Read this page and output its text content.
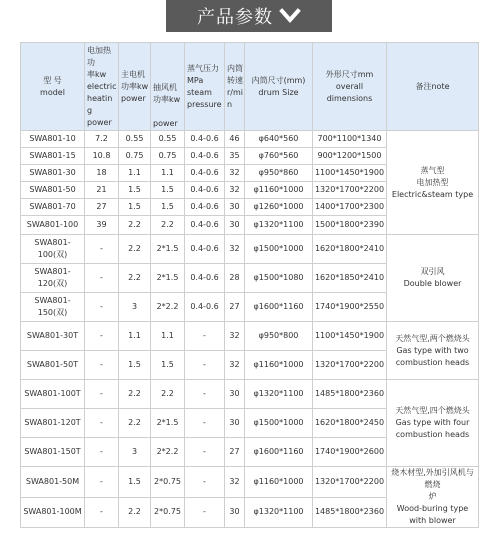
产品参数
型 号
model	电加热功
率kw
electric
heating
power	主电机
功率kw
power	抽风机
功率kw

power	蒸气压力
MPa
steam
pressure	内筒
转速
r/min	内筒尺寸(mm)
drum Size	外形尺寸mm
overall dimensions	备注note
SWA801-10	7.2	0.55	0.55	0.4-0.6	46	φ640*560	700*1100*1340	蒸气型
电加热型
Electric&steam type
SWA801-15	10.8	0.75	0.75	0.4-0.6	35	φ760*560	900*1200*1500	
SWA801-30	18	1.1	1.1	0.4-0.6	32	φ950*860	1100*1450*1900	
SWA801-50	21	1.5	1.5	0.4-0.6	32	φ1160*1000	1320*1700*2200	
SWA801-70	27	1.5	1.5	0.4-0.6	30	φ1260*1000	1400*1700*2300	
SWA801-100	39	2.2	2.2	0.4-0.6	30	φ1320*1100	1500*1800*2390	
SWA801-
100(双)	-	2.2	2*1.5	0.4-0.6	32	φ1500*1000	1620*1800*2410	双引风
Double blower
SWA801-
120(双)	-	2.2	2*1.5	0.4-0.6	28	φ1500*1080	1620*1850*2410	
SWA801-
150(双)	-	3	2*2.2	0.4-0.6	27	φ1600*1160	1740*1900*2550	
SWA801-30T	-	1.1	1.1	-	32	φ950*800	1100*1450*1900	天然气型,两个燃烧头
Gas type with two
combustion heads
SWA801-50T	-	1.5	1.5	-	32	φ1160*1000	1320*1700*2200	
SWA801-100T	-	2.2	2.2	-	30	φ1320*1100	1485*1800*2360	天然气型,四个燃烧头
Gas type with four
combustion heads
SWA801-120T	-	2.2	2*1.5	-	30	φ1500*1000	1620*1800*2450	
SWA801-150T	-	3	2*2.2	-	27	φ1600*1160	1740*1900*2600	
SWA801-50M	-	1.5	2*0.75	-	32	φ1160*1000	1320*1700*2200	烧木材型,外加引风机与燃烧
炉
Wood-buring type with blower
SWA801-100M	-	2.2	2*0.75	-	30	φ1320*1100	1485*1800*2360	
